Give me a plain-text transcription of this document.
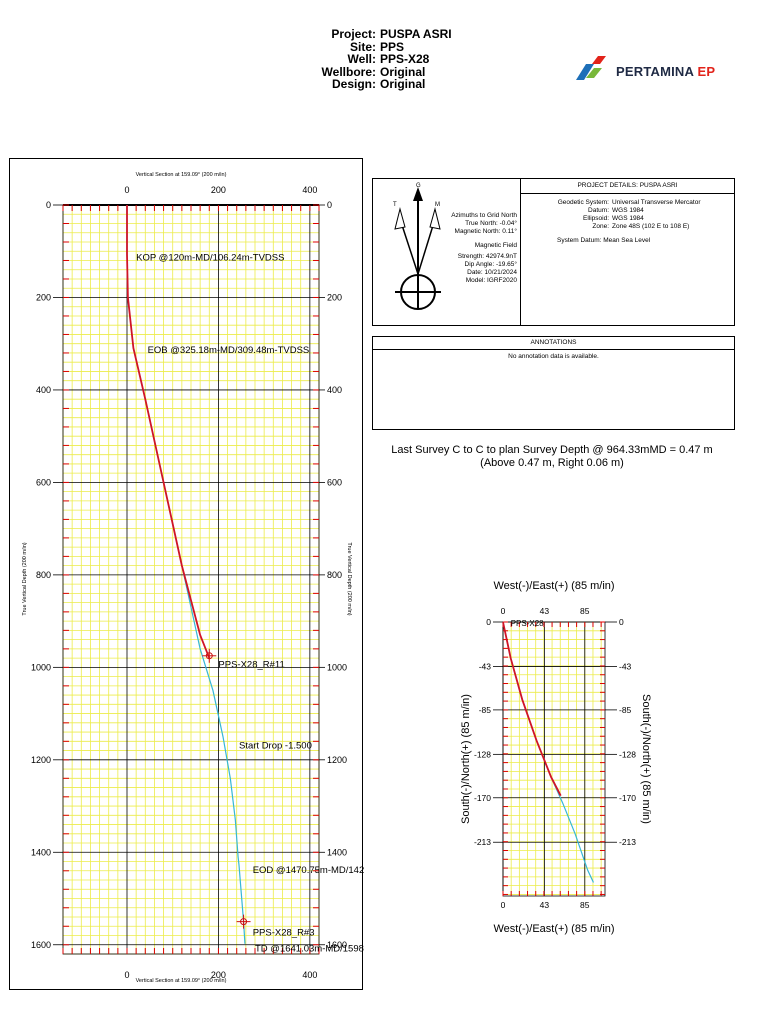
Project: PUSPA ASRI
Site: PPS
Well: PPS-X28
Wellbore: Original
Design: Original
PERTAMINA EP
G
T	M
Azimuths to Grid North
True North: -0.04°
Magnetic North: 0.11°
Magnetic Field
Strength: 42974.9nT
Dip Angle: -19.65°
Date: 10/21/2024
Model: IGRF2020
PROJECT DETAILS: PUSPA ASRI
Geodetic System: Universal Transverse Mercator
Datum: WGS 1984
Ellipsoid: WGS 1984
Zone: Zone 48S (102 E to 108 E)
System Datum: Mean Sea Level
ANNOTATIONS
No annotation data is available.
Last Survey C to C to plan Survey Depth @ 964.33mMD = 0.47 m
(Above 0.47 m, Right 0.06 m)
0
0
200
200
400
400
0	0
200	200
400	400
600	600
800	800
1000	1000
1200	1200
1400	1400
1600	1600
Vertical Section at 159.09° (200 m/in)
Vertical Section at 159.09° (200 m/in)
True Vertical Depth (200 m/in)	True Vertical Depth (200 m/in)
KOP @120m-MD/106.24m-TVDSS
EOB @325.18m-MD/309.48m-TVDSS
PPS-X28_R#11
Start Drop -1.500
EOD @1470.75m-MD/142
PPS-X28_R#3
TD @1641.03m-MD/1598
0
0
43
43
85
85
0	0
-43	-43
-85	-85
-128	-128
-170	-170
-213	-213
West(-)/East(+) (85 m/in)
West(-)/East(+) (85 m/in)
South(-)/North(+) (85 m/in)	South(-)/North(+) (85 m/in)
PPS-X28
